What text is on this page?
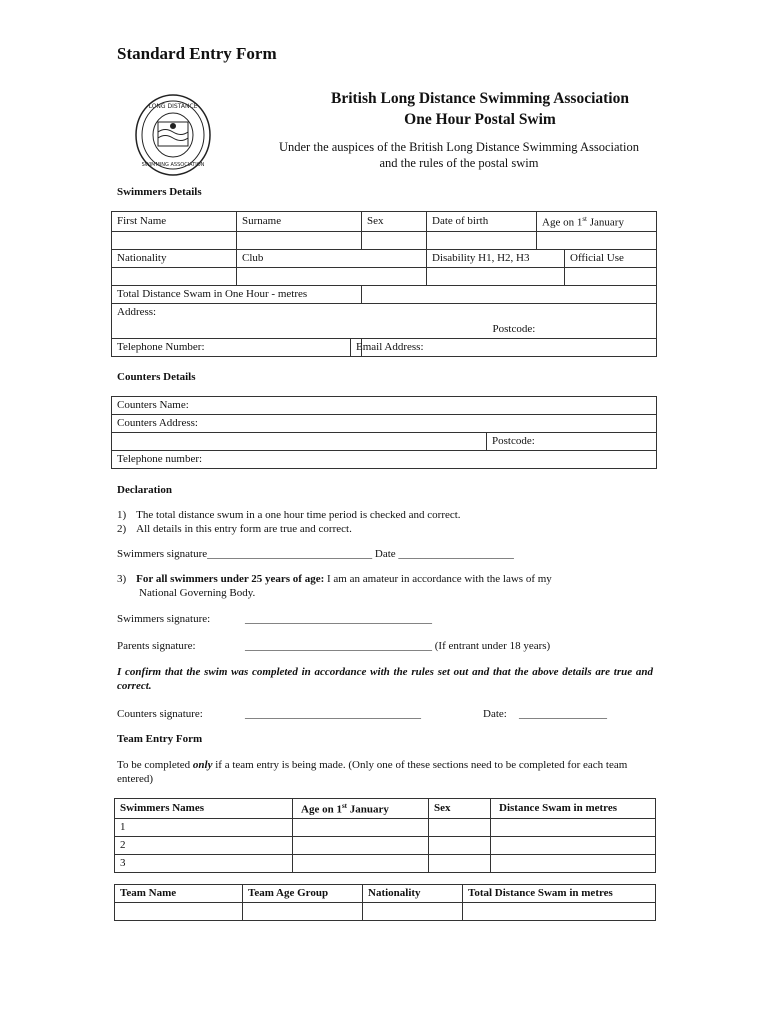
Standard Entry Form
LONG DISTANCE
SWIMMING ASSOCIATION
British Long Distance Swimming Association
One Hour Postal Swim
Under the auspices of the British Long Distance Swimming Association and the rules of the postal swim
Swimmers Details
First Name	Surname	Sex	Date of birth	Age on 1st January	

Nationality	Club		Disability H1, H2, H3		Official Use

Total Distance Swam in One Hour - metres					
Address:					
				Postcode:	
Telephone Number:		Email Address:			
Counters Details
Counters Name:
Counters Address:
	Postcode:
Telephone number:
Declaration
1) The total distance swum in a one hour time period is checked and correct.
2) All details in this entry form are true and correct.
Swimmers signature______________________________ Date _____________________
3) For all swimmers under 25 years of age: I am an amateur in accordance with the laws of my
National Governing Body.
Swimmers signature:	__________________________________
Parents signature:	__________________________________ (If entrant under 18 years)
I confirm that the swim was completed in accordance with the rules set out and that the above details are true and correct.
Counters signature:	________________________________	Date: ________________
Team Entry Form
To be completed only if a team entry is being made. (Only one of these sections need to be completed for each team entered)
Swimmers Names	Age on 1st January	Sex	Distance Swam in metres
1			
2			
3			
Team Name	Team Age Group	Nationality	Total Distance Swam in metres
